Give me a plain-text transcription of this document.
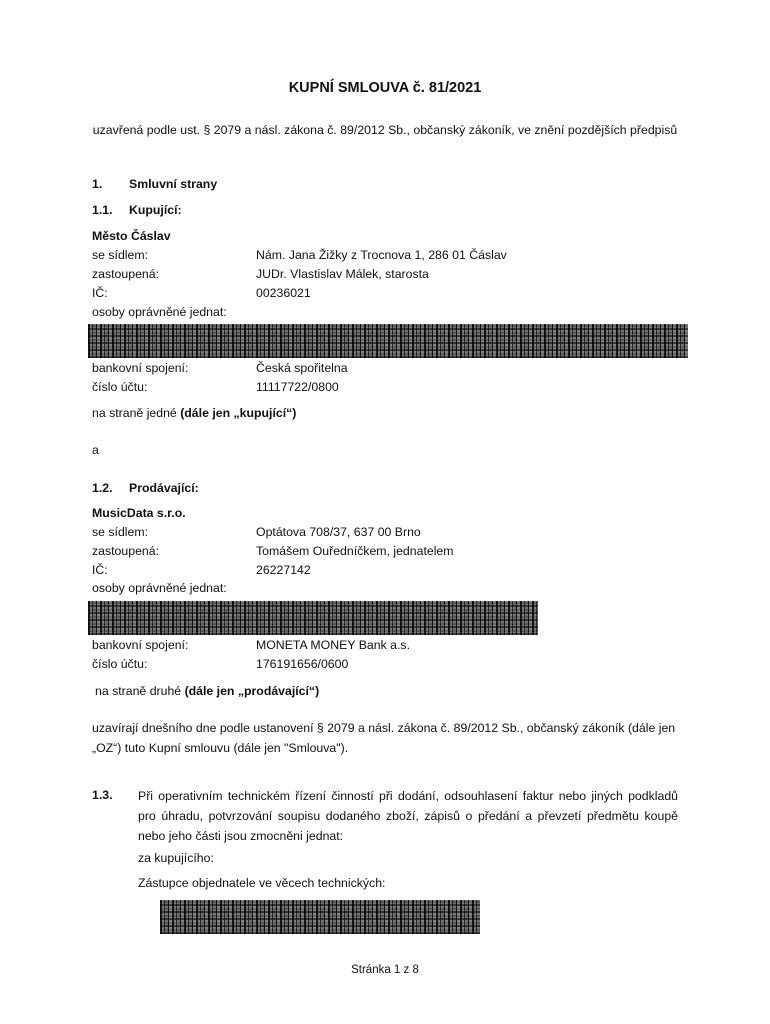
KUPNÍ SMLOUVA č. 81/2021
uzavřená podle ust. § 2079 a násl. zákona č. 89/2012 Sb., občanský zákoník, ve znění pozdějších předpisů
1. Smluvní strany
1.1. Kupující:
Město Čáslav
se sídlem:	Nám. Jana Žižky z Trocnova 1, 286 01 Čáslav
zastoupená:	JUDr. Vlastislav Málek, starosta
IČ:	00236021
osoby oprávněné jednat:
bankovní spojení:	Česká spořitelna
číslo účtu:	11117722/0800
na straně jedné (dále jen „kupující“)
a
1.2. Prodávající:
MusicData s.r.o.
se sídlem:	Optátova 708/37, 637 00 Brno
zastoupená:	Tomášem Ouředníčkem, jednatelem
IČ:	26227142
osoby oprávněné jednat:
bankovní spojení:	MONETA MONEY Bank a.s.
číslo účtu:	176191656/0600
na straně druhé (dále jen „prodávající“)
uzavírají dnešního dne podle ustanovení § 2079 a násl. zákona č. 89/2012 Sb., občanský zákoník (dále jen „OZ“) tuto Kupní smlouvu (dále jen "Smlouva").
1.3. Při operativním technickém řízení činností při dodání, odsouhlasení faktur nebo jiných podkladů pro úhradu, potvrzování soupisu dodaného zboží, zápisů o předání a převzetí předmětu koupě nebo jeho části jsou zmocněni jednat:
za kupujícího:
Zástupce objednatele ve věcech technických:
Stránka 1 z 8
